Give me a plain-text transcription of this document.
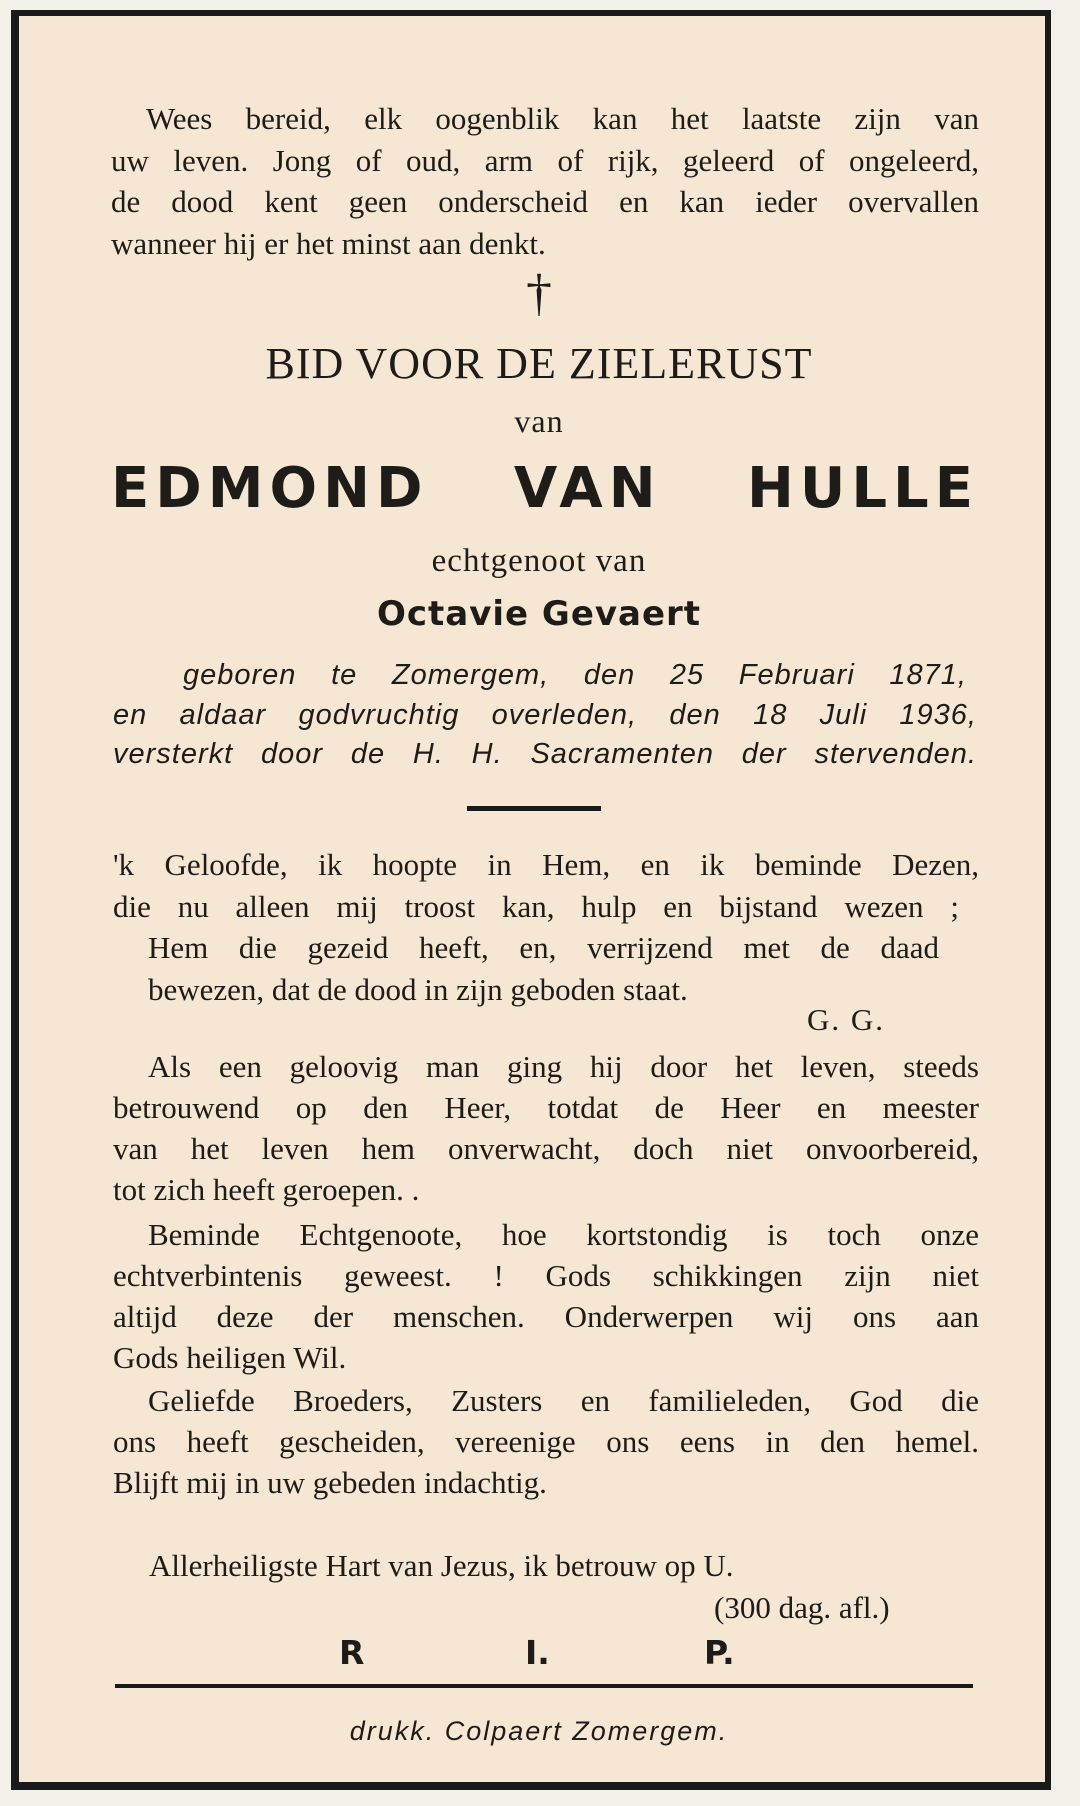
Wees bereid, elk oogenblik kan het laatste zijn van
uw leven. Jong of oud, arm of rijk, geleerd of ongeleerd,
de dood kent geen onderscheid en kan ieder overvallen
wanneer hij er het minst aan denkt.
†
BID VOOR DE ZIELERUST
van
EDMOND VAN HULLE
echtgenoot van
Octavie Gevaert
geboren te Zomergem, den 25 Februari 1871,
en aldaar godvruchtig overleden, den 18 Juli 1936,
versterkt door de H. H. Sacramenten der stervenden.
'k Geloofde, ik hoopte in Hem, en ik beminde Dezen,
die nu alleen mij troost kan, hulp en bijstand wezen ;
Hem die gezeid heeft, en, verrijzend met de daad
bewezen, dat de dood in zijn geboden staat.
G. G.
Als een geloovig man ging hij door het leven, steeds
betrouwend op den Heer, totdat de Heer en meester
van het leven hem onverwacht, doch niet onvoorbereid,
tot zich heeft geroepen. .
Beminde Echtgenoote, hoe kortstondig is toch onze
echtverbintenis geweest. ! Gods schikkingen zijn niet
altijd deze der menschen. Onderwerpen wij ons aan
Gods heiligen Wil.
Geliefde Broeders, Zusters en familieleden, God die
ons heeft gescheiden, vereenige ons eens in den hemel.
Blijft mij in uw gebeden indachtig.
Allerheiligste Hart van Jezus, ik betrouw op U.
(300 dag. afl.)
R	I.	P.
drukk. Colpaert Zomergem.
